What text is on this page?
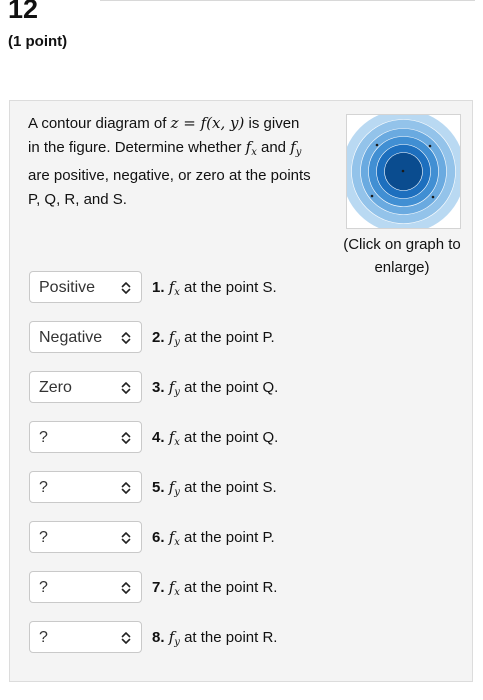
12
(1 point)
A contour diagram of z = f(x, y) is given in the figure. Determine whether $f_x$ and $f_y$ are positive, negative, or zero at the points P, Q, R, and S.
(Click on graph to enlarge)
Positive	1. $f_x$ at the point S.
Negative	2. $f_y$ at the point P.
Zero	3. $f_y$ at the point Q.
?	4. $f_x$ at the point Q.
?	5. $f_y$ at the point S.
?	6. $f_x$ at the point P.
?	7. $f_x$ at the point R.
?	8. $f_y$ at the point R.
